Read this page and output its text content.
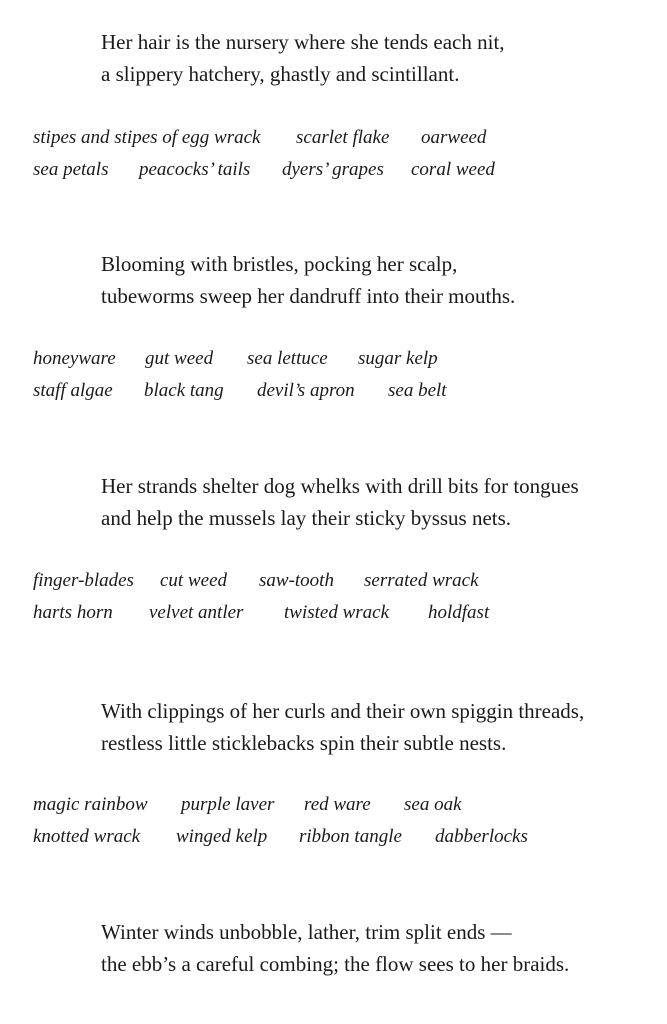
Her hair is the nursery where she tends each nit,
a slippery hatchery, ghastly and scintillant.
stipes and stipes of egg wrack scarlet flake oarweed
sea petals peacocks’ tails dyers’ grapes coral weed
Blooming with bristles, pocking her scalp,
tubeworms sweep her dandruff into their mouths.
honeyware gut weed sea lettuce sugar kelp
staff algae black tang devil’s apron sea belt
Her strands shelter dog whelks with drill bits for tongues
and help the mussels lay their sticky byssus nets.
finger-blades cut weed saw-tooth serrated wrack
harts horn velvet antler twisted wrack holdfast
With clippings of her curls and their own spiggin threads,
restless little sticklebacks spin their subtle nests.
magic rainbow purple laver red ware sea oak
knotted wrack winged kelp ribbon tangle dabberlocks
Winter winds unbobble, lather, trim split ends —
the ebb’s a careful combing; the flow sees to her braids.
